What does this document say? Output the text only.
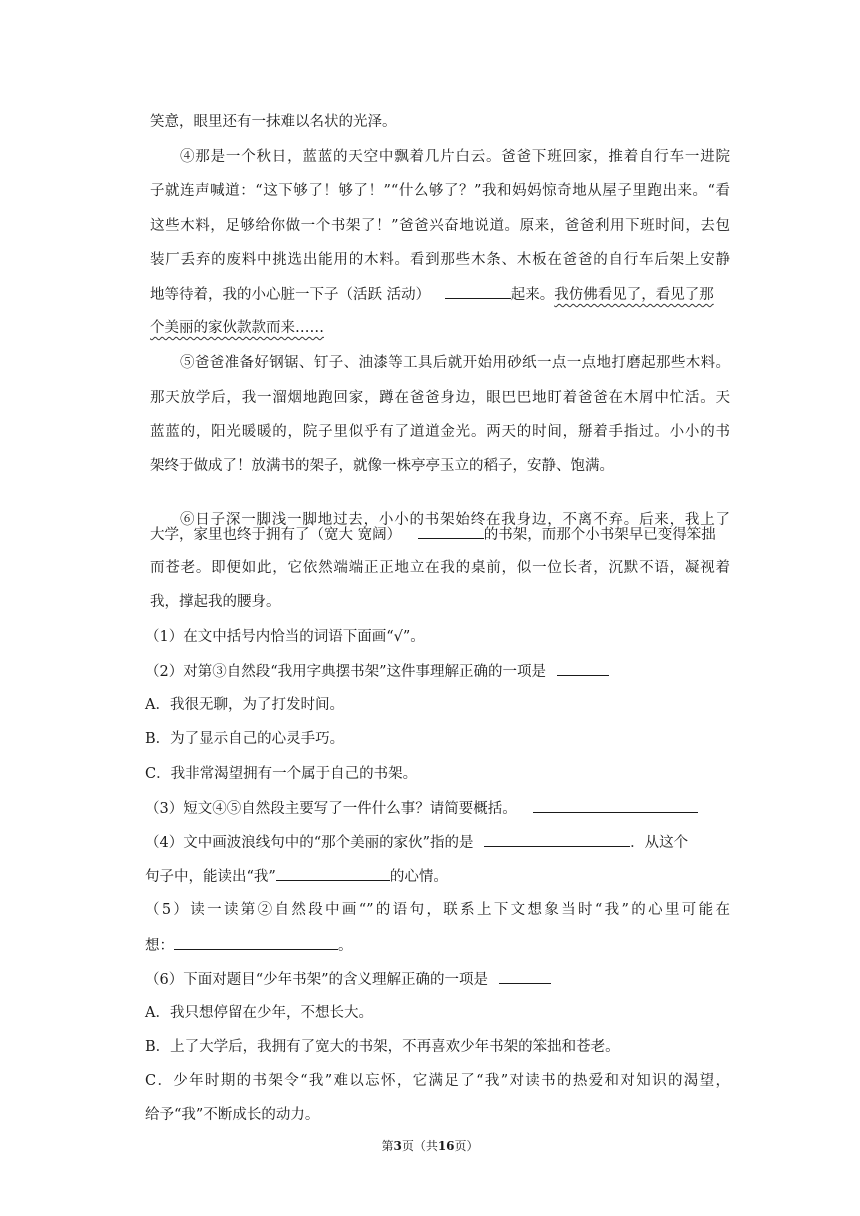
笑意，眼里还有一抹难以名状的光泽。
④那是一个秋日，蓝蓝的天空中飘着几片白云。爸爸下班回家，推着自行车一进院
子就连声喊道：“这下够了！够了！”“什么够了？”我和妈妈惊奇地从屋子里跑出来。“看
这些木料，足够给你做一个书架了！”爸爸兴奋地说道。原来，爸爸利用下班时间，去包
装厂丢弃的废料中挑选出能用的木料。看到那些木条、木板在爸爸的自行车后架上安静
地等待着，我的小心脏一下子（活跃 活动）	起来。我仿佛看见了，看见了那
个美丽的家伙款款而来……
⑤爸爸准备好钢锯、钉子、油漆等工具后就开始用砂纸一点一点地打磨起那些木料。
那天放学后，我一溜烟地跑回家，蹲在爸爸身边，眼巴巴地盯着爸爸在木屑中忙活。天
蓝蓝的，阳光暖暖的，院子里似乎有了道道金光。两天的时间，掰着手指过。小小的书
架终于做成了！放满书的架子，就像一株亭亭玉立的稻子，安静、饱满。
⑥日子深一脚浅一脚地过去，小小的书架始终在我身边，不离不弃。后来，我上了
大学，家里也终于拥有了（宽大 宽阔）	的书架，而那个小书架早已变得笨拙
而苍老。即便如此，它依然端端正正地立在我的桌前，似一位长者，沉默不语，凝视着
我，撑起我的腰身。
（1）在文中括号内恰当的词语下面画“√”。
（2）对第③自然段“我用字典摆书架”这件事理解正确的一项是
A．我很无聊，为了打发时间。
B．为了显示自己的心灵手巧。
C．我非常渴望拥有一个属于自己的书架。
（3）短文④⑤自然段主要写了一件什么事？请简要概括。
（4）文中画波浪线句中的“那个美丽的家伙”指的是	．从这个
句子中，能读出“我”	的心情。
（5）读一读第②自然段中画“”的语句，联系上下文想象当时“我”的心里可能在
想：	。
（6）下面对题目“少年书架”的含义理解正确的一项是
A．我只想停留在少年，不想长大。
B．上了大学后，我拥有了宽大的书架，不再喜欢少年书架的笨拙和苍老。
C．少年时期的书架令“我”难以忘怀，它满足了“我”对读书的热爱和对知识的渴望，
给予“我”不断成长的动力。
第3页（共16页）
